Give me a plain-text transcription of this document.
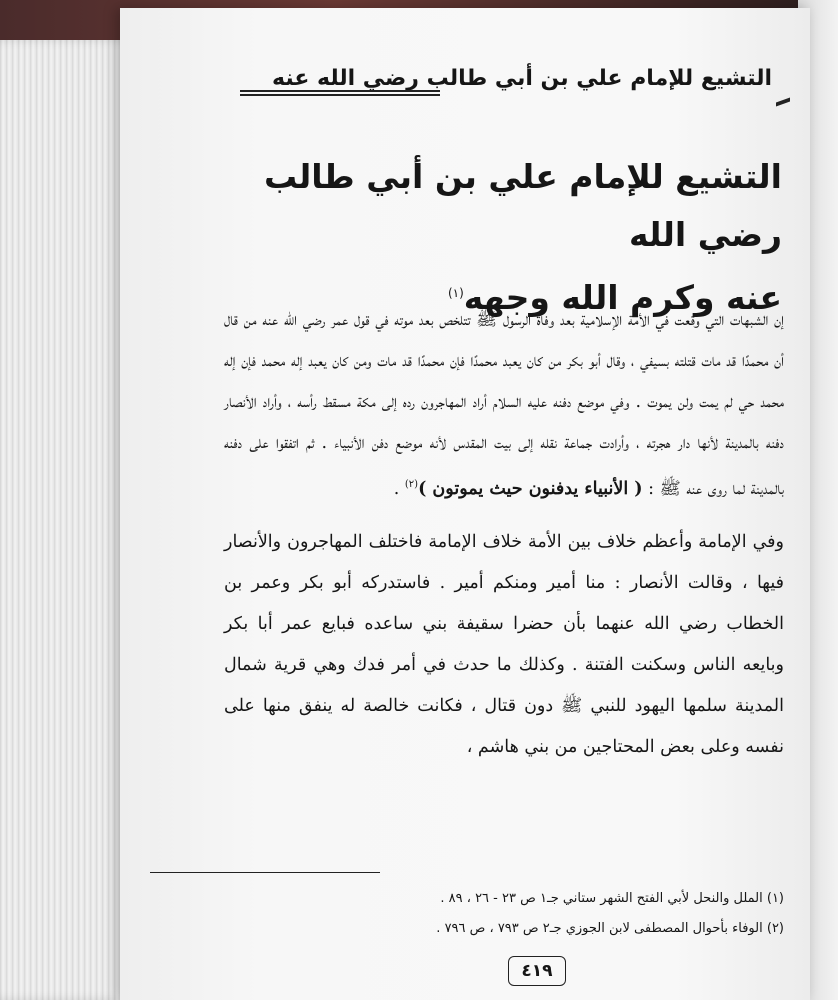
التشيع للإمام علي بن أبي طالب رضي الله عنه
التشيع للإمام علي بن أبي طالب رضي الله
عنه وكرم الله وجهه$^{(١)}$

إن الشبهات التي وقعت في الأمة الإسلامية بعد وفاة الرسول ﷺ تتلخص بعد موته في قول عمر رضي الله عنه من قال أن محمدًا قد مات قتلته بسيفي ، وقال أبو بكر من كان يعبد محمدًا فإن محمدًا قد مات ومن كان يعبد إله محمد فإن إله محمد حي لم يمت ولن يموت . وفي موضع دفنه عليه السلام أراد المهاجرون رده إلى مكة مسقط رأسه ، وأراد الأنصار دفنه بالمدينة لأنها دار هجرته ، وأرادت جماعة نقله إلى بيت المقدس لأنه موضع دفن الأنبياء . ثم اتفقوا على دفنه بالمدينة لما روى عنه ﷺ : ( الأنبياء يدفنون حيث يموتون )$^{(٢)}$ .

وفي الإمامة وأعظم خلاف بين الأمة خلاف الإمامة فاختلف المهاجرون والأنصار فيها ، وقالت الأنصار : منا أمير ومنكم أمير . فاستدركه أبو بكر وعمر بن الخطاب رضي الله عنهما بأن حضرا سقيفة بني ساعده فبايع عمر أبا بكر وبايعه الناس وسكنت الفتنة . وكذلك ما حدث في أمر فدك وهي قرية شمال المدينة سلمها اليهود للنبي ﷺ دون قتال ، فكانت خالصة له ينفق منها على نفسه وعلى بعض المحتاجين من بني هاشم ،

(١) الملل والنحل لأبي الفتح الشهر ستاني جـ١ ص ٢٣ - ٢٦ ، ٨٩ .

(٢) الوفاء بأحوال المصطفى لابن الجوزي جـ٢ ص ٧٩٣ ، ص ٧٩٦ .

٤١٩
